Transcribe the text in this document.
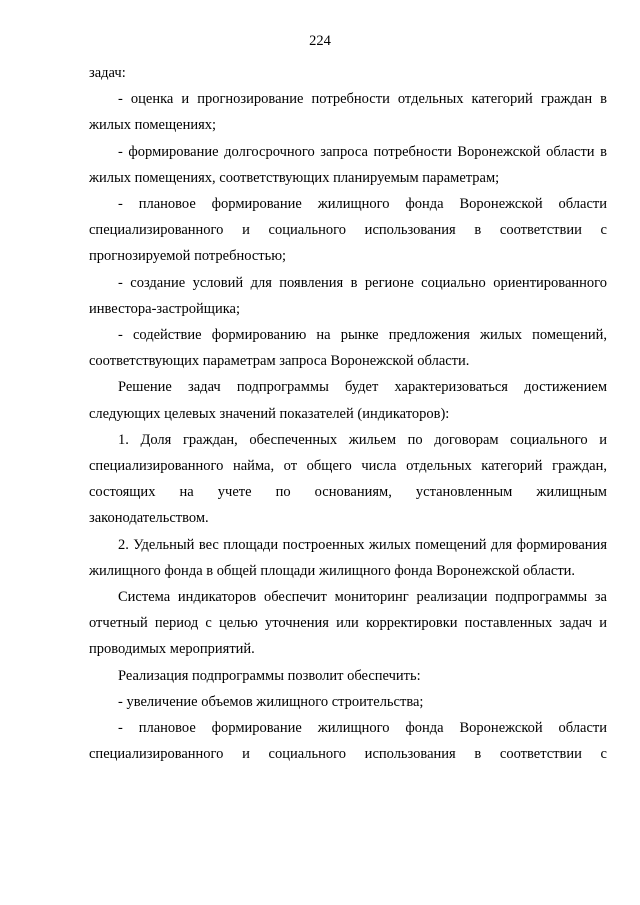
224

задач:

- оценка и прогнозирование потребности отдельных категорий граждан в жилых помещениях;

- формирование долгосрочного запроса потребности Воронежской области в жилых помещениях, соответствующих планируемым параметрам;

- плановое формирование жилищного фонда Воронежской области специализированного и социального использования в соответствии с прогнозируемой потребностью;

- создание условий для появления в регионе социально ориентированного инвестора-застройщика;

- содействие формированию на рынке предложения жилых помещений, соответствующих параметрам запроса Воронежской области.

Решение задач подпрограммы будет характеризоваться достижением следующих целевых значений показателей (индикаторов):

1. Доля граждан, обеспеченных жильем по договорам социального и специализированного найма, от общего числа отдельных категорий граждан, состоящих на учете по основаниям, установленным жилищным законодательством.

2. Удельный вес площади построенных жилых помещений для формирования жилищного фонда в общей площади жилищного фонда Воронежской области.

Система индикаторов обеспечит мониторинг реализации подпрограммы за отчетный период с целью уточнения или корректировки поставленных задач и проводимых мероприятий.

Реализация подпрограммы позволит обеспечить:

- увеличение объемов жилищного строительства;

- плановое формирование жилищного фонда Воронежской области специализированного и социального использования в соответствии с
